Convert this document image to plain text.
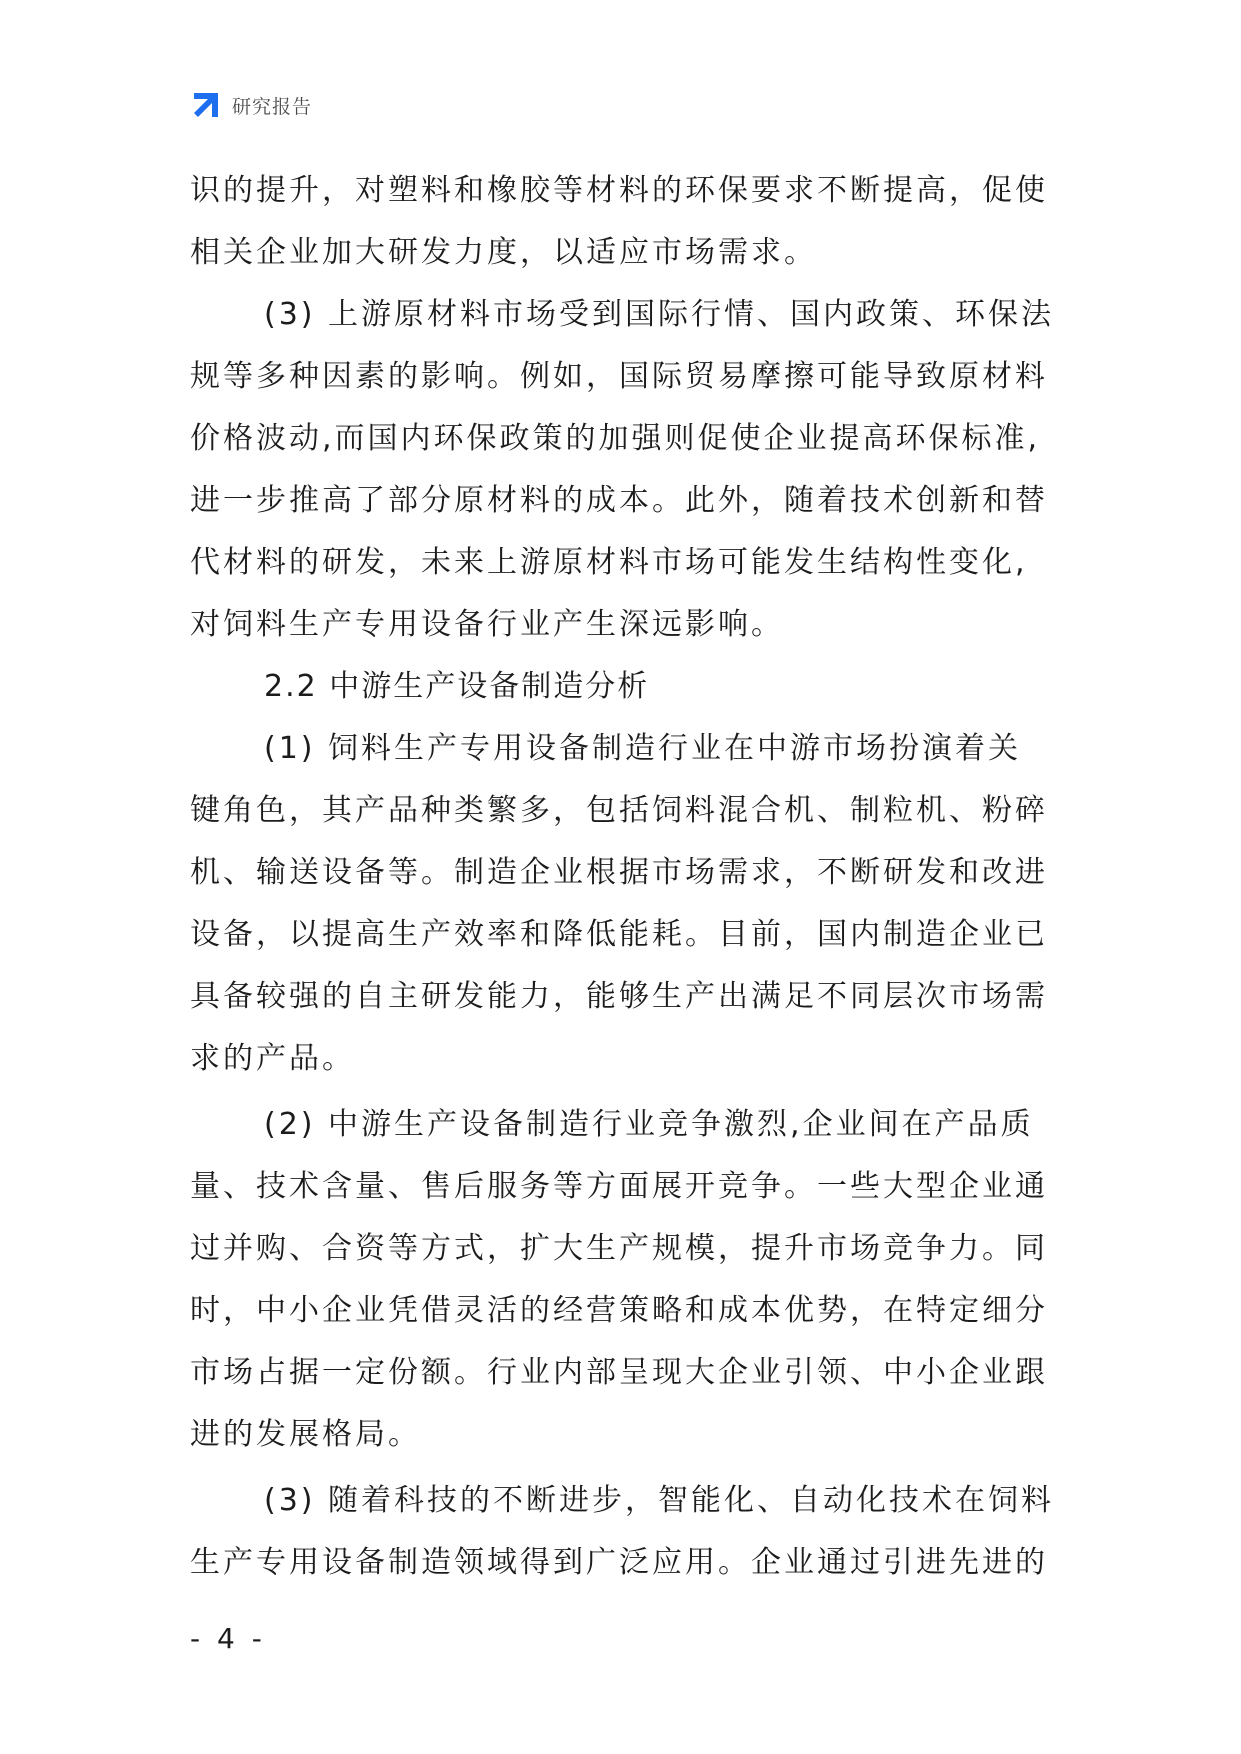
研究报告
识的提升，对塑料和橡胶等材料的环保要求不断提高，促使
相关企业加大研发力度，以适应市场需求。
(3) 上游原材料市场受到国际行情、国内政策、环保法
规等多种因素的影响。例如，国际贸易摩擦可能导致原材料
价格波动,而国内环保政策的加强则促使企业提高环保标准,
进一步推高了部分原材料的成本。此外，随着技术创新和替
代材料的研发，未来上游原材料市场可能发生结构性变化,
对饲料生产专用设备行业产生深远影响。
2.2 中游生产设备制造分析
(1) 饲料生产专用设备制造行业在中游市场扮演着关
键角色，其产品种类繁多，包括饲料混合机、制粒机、粉碎
机、输送设备等。制造企业根据市场需求，不断研发和改进
设备，以提高生产效率和降低能耗。目前，国内制造企业已
具备较强的自主研发能力，能够生产出满足不同层次市场需
求的产品。
(2) 中游生产设备制造行业竞争激烈,企业间在产品质
量、技术含量、售后服务等方面展开竞争。一些大型企业通
过并购、合资等方式，扩大生产规模，提升市场竞争力。同
时，中小企业凭借灵活的经营策略和成本优势，在特定细分
市场占据一定份额。行业内部呈现大企业引领、中小企业跟
进的发展格局。
(3) 随着科技的不断进步，智能化、自动化技术在饲料
生产专用设备制造领域得到广泛应用。企业通过引进先进的
- 4 -
